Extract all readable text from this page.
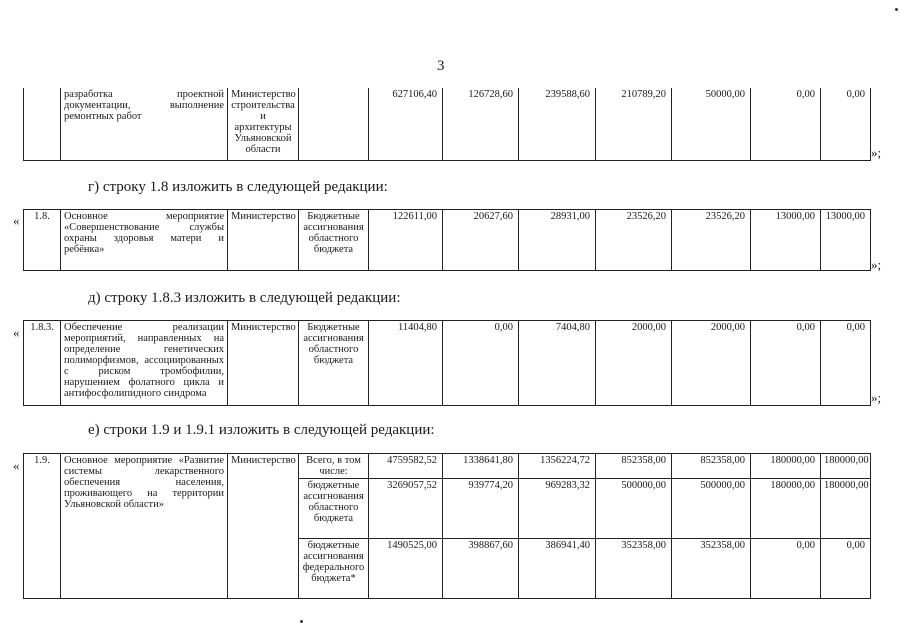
3
	разработка проектной документации, выполнение ремонтных работ	Министерство строительства и архитектуры Ульяновской области		627106,40	126728,60	239588,60	210789,20	50000,00	0,00	0,00
»;
г) строку 1.8 изложить в следующей редакции:
« 1.8.	Основное мероприятие «Совершенствование службы охраны здоровья матери и ребёнка»	Министерство	Бюджетные ассигнования областного бюджета	122611,00	20627,60	28931,00	23526,20	23526,20	13000,00	13000,00
»;
д) строку 1.8.3 изложить в следующей редакции:
« 1.8.3.	Обеспечение реализации мероприятий, направленных на определение генетических полиморфизмов, ассоциированных с риском тромбофилии, нарушением фолатного цикла и антифосфолипидного синдрома	Министерство	Бюджетные ассигнования областного бюджета	11404,80	0,00	7404,80	2000,00	2000,00	0,00	0,00
»;
е) строки 1.9 и 1.9.1 изложить в следующей редакции:
« 1.9.	Основное мероприятие «Развитие системы лекарственного обеспечения населения, проживающего на территории Ульяновской области»	Министерство	Всего, в том числе:	4759582,52	1338641,80	1356224,72	852358,00	852358,00	180000,00	180000,00
			бюджетные ассигнования областного бюджета	3269057,52	939774,20	969283,32	500000,00	500000,00	180000,00	180000,00
			бюджетные ассигнования федерального бюджета*	1490525,00	398867,60	386941,40	352358,00	352358,00	0,00	0,00
